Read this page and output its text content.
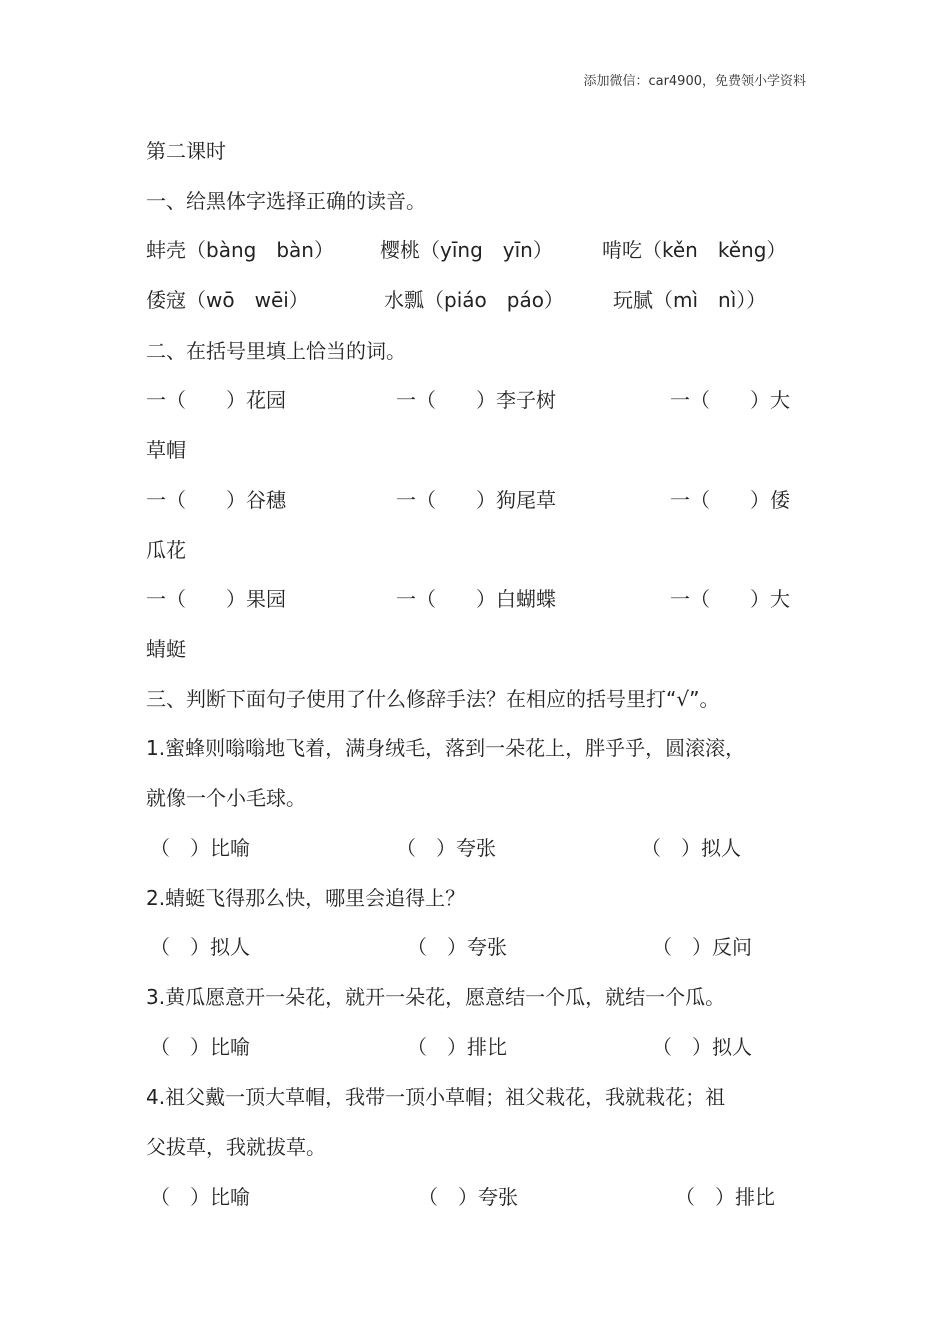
添加微信：car4900，免费领小学资料
第二课时
一、给黑体字选择正确的读音。
蚌壳（bàng　bàn） 樱桃（yīng　yīn） 啃吃（kěn　kěng）
倭寇（wō　wēi）	水瓢（piáo　páo） 玩腻（mì　nì））
二、在括号里填上恰当的词。
一（　　）花园	一（　　）李子树	一（　　）大
草帽
一（　　）谷穗	一（　　）狗尾草	一（　　）倭
瓜花
一（　　）果园	一（　　）白蝴蝶	一（　　）大
蜻蜓
三、判断下面句子使用了什么修辞手法？在相应的括号里打“√”。
1.蜜蜂则嗡嗡地飞着，满身绒毛，落到一朵花上，胖乎乎，圆滚滚，
就像一个小毛球。
（　）比喻	（　）夸张	（　）拟人
2.蜻蜓飞得那么快，哪里会追得上？
（　）拟人	（　）夸张	（　）反问
3.黄瓜愿意开一朵花，就开一朵花，愿意结一个瓜，就结一个瓜。
（　）比喻	（　）排比	（　）拟人
4.祖父戴一顶大草帽，我带一顶小草帽；祖父栽花，我就栽花；祖
父拔草，我就拔草。
（　）比喻	（　）夸张	（　）排比
